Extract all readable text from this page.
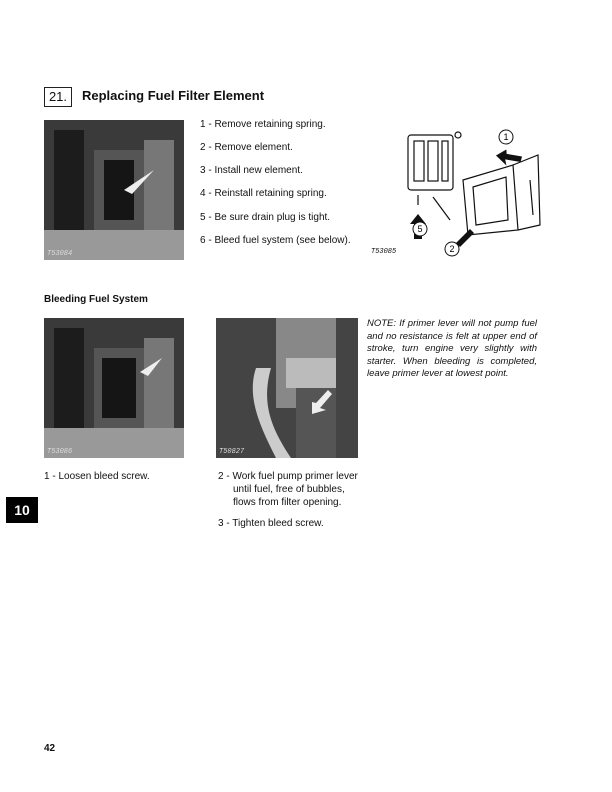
21.	Replacing Fuel Filter Element
T53084
1 - Remove retaining spring.
2 - Remove element.
3 - Install new element.
4 - Reinstall retaining spring.
5 - Be sure drain plug is tight.
6 - Bleed fuel system (see below).
1
5
2
T53085
Bleeding Fuel System
T53086	T50827
NOTE: If primer lever will not pump fuel and no resistance is felt at upper end of stroke, turn engine very slightly with starter. When bleeding is completed, leave primer lever at lowest point.
1 - Loosen bleed screw.	2 - Work fuel pump primer lever
until fuel, free of bubbles,
flows from filter opening.
3 - Tighten bleed screw.
10
42
